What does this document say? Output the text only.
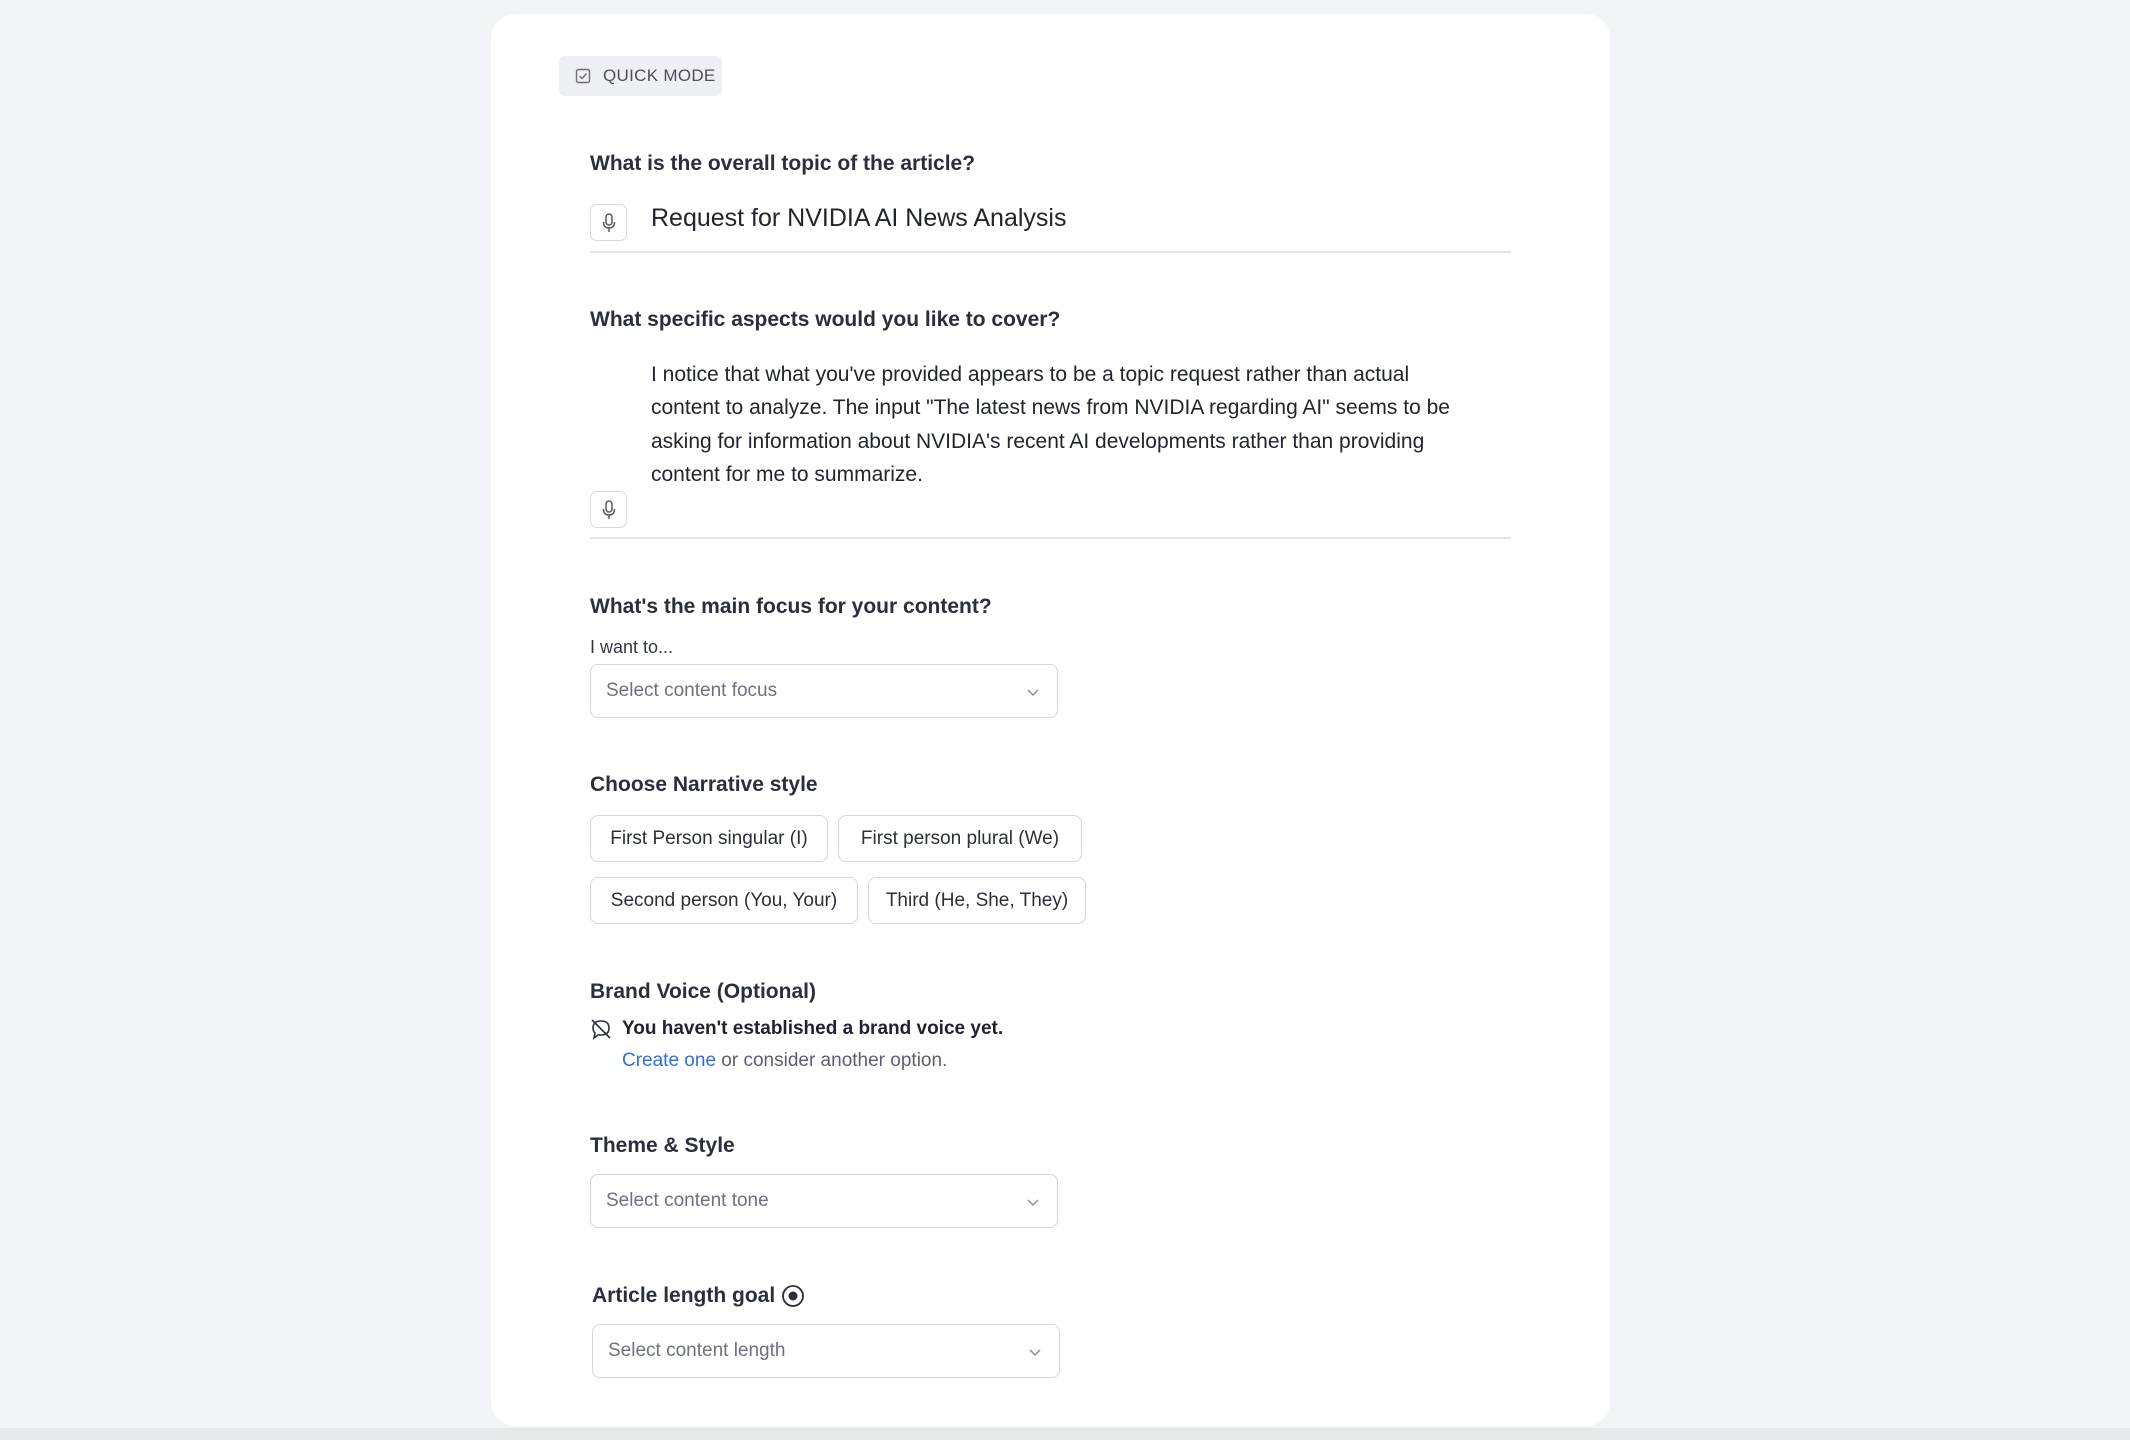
QUICK MODE
What is the overall topic of the article?
Request for NVIDIA AI News Analysis
What specific aspects would you like to cover?
I notice that what you've provided appears to be a topic request rather than actual content to analyze. The input "The latest news from NVIDIA regarding AI" seems to be asking for information about NVIDIA's recent AI developments rather than providing content for me to summarize.
What's the main focus for your content?
I want to...
Select content focus
Choose Narrative style
First Person singular (I)	First person plural (We)
Second person (You, Your)	Third (He, She, They)
Brand Voice (Optional)
You haven't established a brand voice yet.
Create one or consider another option.
Theme & Style
Select content tone
Article length goal
Select content length
